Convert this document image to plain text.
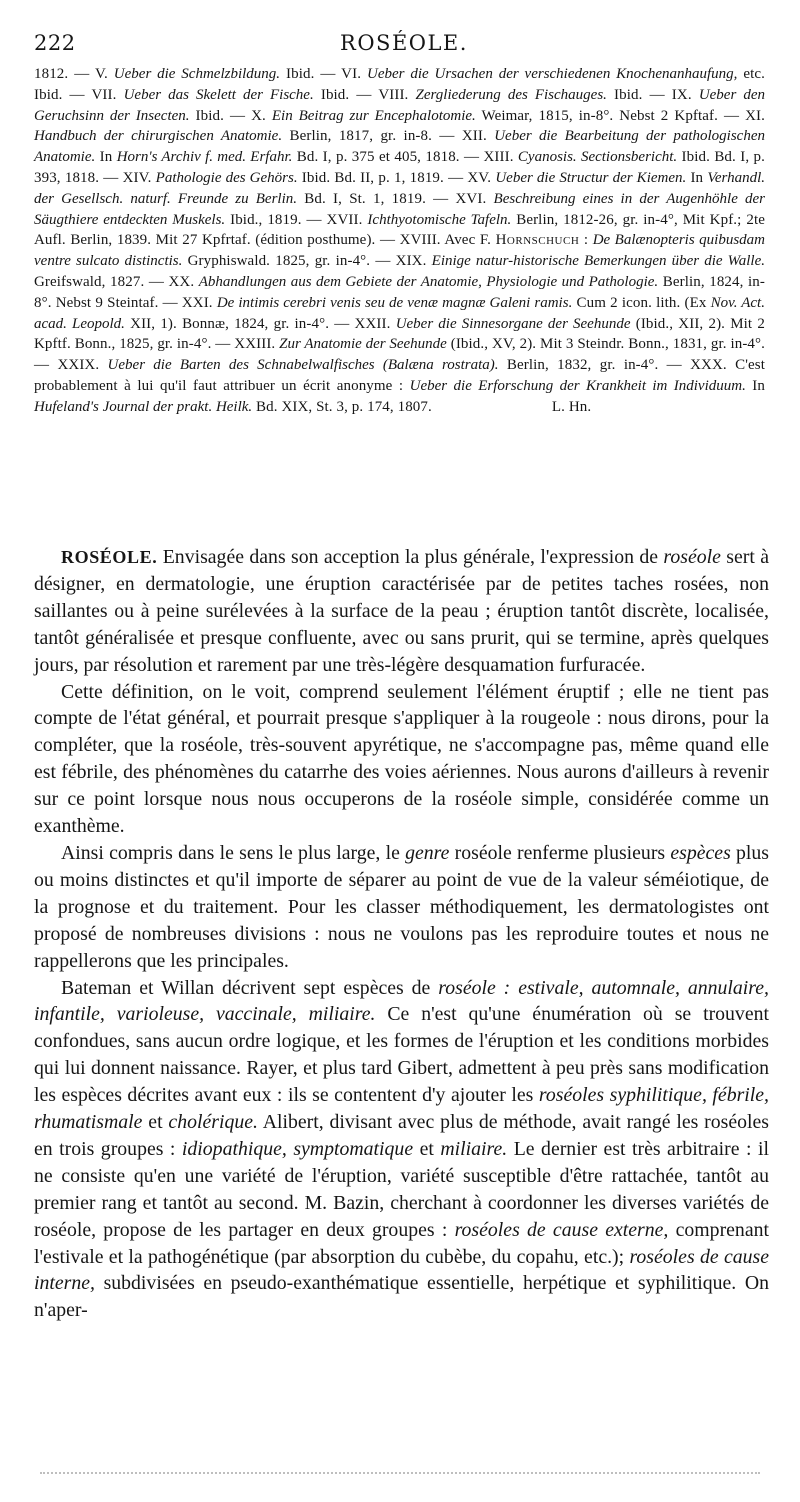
222	ROSÉOLE.
1812. — V. Ueber die Schmelzbildung. Ibid. — VI. Ueber die Ursachen der verschiedenen Knochenanhaufung, etc. Ibid. — VII. Ueber das Skelett der Fische. Ibid. — VIII. Zergliederung des Fischauges. Ibid. — IX. Ueber den Geruchsinn der Insecten. Ibid. — X. Ein Beitrag zur Encephalotomie. Weimar, 1815, in-8°. Nebst 2 Kpftaf. — XI. Handbuch der chirurgischen Anatomie. Berlin, 1817, gr. in-8. — XII. Ueber die Bearbeitung der pathologischen Anatomie. In Horn's Archiv f. med. Erfahr. Bd. I, p. 375 et 405, 1818. — XIII. Cyanosis. Sectionsbericht. Ibid. Bd. I, p. 393, 1818. — XIV. Pathologie des Gehörs. Ibid. Bd. II, p. 1, 1819. — XV. Ueber die Structur der Kiemen. In Verhandl. der Gesellsch. naturf. Freunde zu Berlin. Bd. I, St. 1, 1819. — XVI. Beschreibung eines in der Augenhöhle der Säugthiere entdeckten Muskels. Ibid., 1819. — XVII. Ichthyotomische Tafeln. Berlin, 1812-26, gr. in-4°, Mit Kpf.; 2te Aufl. Berlin, 1839. Mit 27 Kpfrtaf. (édition posthume). — XVIII. Avec F. Hornschuch : De Balænopteris quibusdam ventre sulcato distinctis. Gryphiswald. 1825, gr. in-4°. — XIX. Einige natur-historische Bemerkungen über die Walle. Greifswald, 1827. — XX. Abhandlungen aus dem Gebiete der Anatomie, Physiologie und Pathologie. Berlin, 1824, in-8°. Nebst 9 Steintaf. — XXI. De intimis cerebri venis seu de venæ magnæ Galeni ramis. Cum 2 icon. lith. (Ex Nov. Act. acad. Leopold. XII, 1). Bonnæ, 1824, gr. in-4°. — XXII. Ueber die Sinnesorgane der Seehunde (Ibid., XII, 2). Mit 2 Kpftf. Bonn., 1825, gr. in-4°. — XXIII. Zur Anatomie der Seehunde (Ibid., XV, 2). Mit 3 Steindr. Bonn., 1831, gr. in-4°. — XXIX. Ueber die Barten des Schnabelwalfisches (Balæna rostrata). Berlin, 1832, gr. in-4°. — XXX. C'est probablement à lui qu'il faut attribuer un écrit anonyme : Ueber die Erforschung der Krankheit im Individuum. In Hufeland's Journal der prakt. Heilk. Bd. XIX, St. 3, p. 174, 1807.	L. Hn.

ROSÉOLE. Envisagée dans son acception la plus générale, l'expression de roséole sert à désigner, en dermatologie, une éruption caractérisée par de petites taches rosées, non saillantes ou à peine surélevées à la surface de la peau ; éruption tantôt discrète, localisée, tantôt généralisée et presque confluente, avec ou sans prurit, qui se termine, après quelques jours, par résolution et rarement par une très-légère desquamation furfuracée.

Cette définition, on le voit, comprend seulement l'élément éruptif ; elle ne tient pas compte de l'état général, et pourrait presque s'appliquer à la rougeole : nous dirons, pour la compléter, que la roséole, très-souvent apyrétique, ne s'accompagne pas, même quand elle est fébrile, des phénomènes du catarrhe des voies aériennes. Nous aurons d'ailleurs à revenir sur ce point lorsque nous nous occuperons de la roséole simple, considérée comme un exanthème.

Ainsi compris dans le sens le plus large, le genre roséole renferme plusieurs espèces plus ou moins distinctes et qu'il importe de séparer au point de vue de la valeur séméiotique, de la prognose et du traitement. Pour les classer méthodiquement, les dermatologistes ont proposé de nombreuses divisions : nous ne voulons pas les reproduire toutes et nous ne rappellerons que les principales.

Bateman et Willan décrivent sept espèces de roséole : estivale, automnale, annulaire, infantile, varioleuse, vaccinale, miliaire. Ce n'est qu'une énumération où se trouvent confondues, sans aucun ordre logique, et les formes de l'éruption et les conditions morbides qui lui donnent naissance. Rayer, et plus tard Gibert, admettent à peu près sans modification les espèces décrites avant eux : ils se contentent d'y ajouter les roséoles syphilitique, fébrile, rhumatismale et cholérique. Alibert, divisant avec plus de méthode, avait rangé les roséoles en trois groupes : idiopathique, symptomatique et miliaire. Le dernier est très arbitraire : il ne consiste qu'en une variété de l'éruption, variété susceptible d'être rattachée, tantôt au premier rang et tantôt au second. M. Bazin, cherchant à coordonner les diverses variétés de roséole, propose de les partager en deux groupes : roséoles de cause externe, comprenant l'estivale et la pathogénétique (par absorption du cubèbe, du copahu, etc.); roséoles de cause interne, subdivisées en pseudo-exanthématique essentielle, herpétique et syphilitique. On n'aper-
